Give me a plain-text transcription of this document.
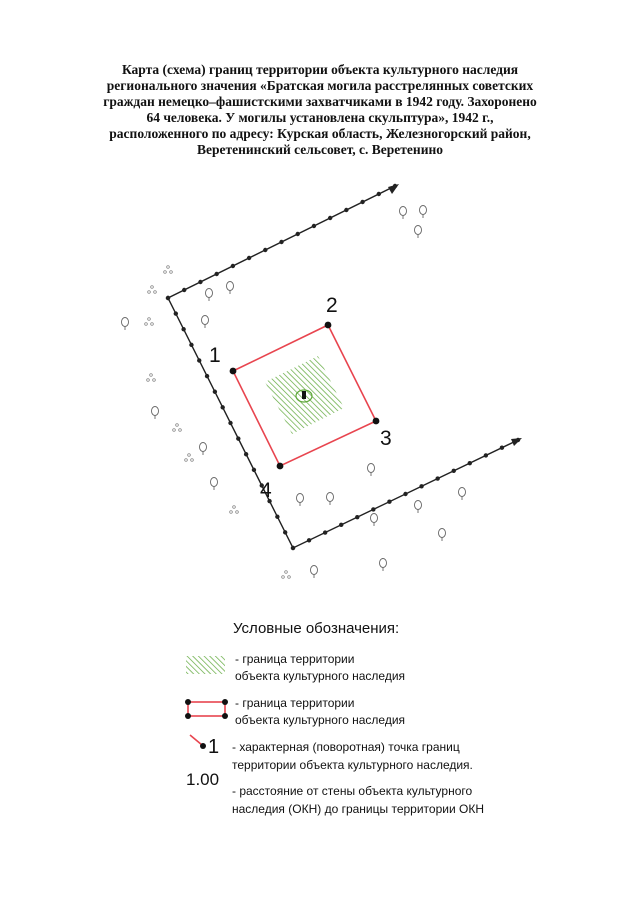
Карта (схема) границ территории объекта культурного наследия
регионального значения «Братская могила расстрелянных советских
граждан немецко–фашистскими захватчиками в 1942 году. Захоронено
64 человека. У могилы установлена скульптура», 1942 г.,
расположенного по адресу: Курская область, Железногорский район,
Веретенинский сельсовет, с. Веретенино
1
2
3
4
1
Условные обозначения:
- граница территории
объекта культурного наследия
- граница территории
объекта культурного наследия
- характерная (поворотная) точка границ
территории объекта культурного наследия.
1.00
- расстояние от стены объекта культурного
наследия (ОКН) до границы территории ОКН
